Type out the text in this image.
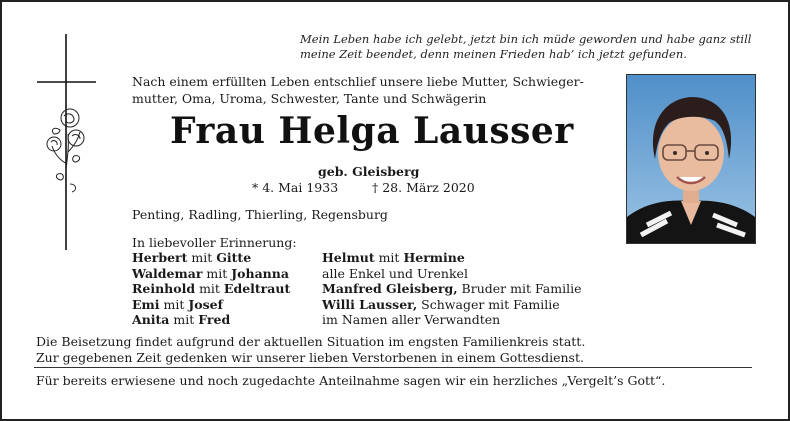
Mein Leben habe ich gelebt, jetzt bin ich müde geworden und habe ganz still
meine Zeit beendet, denn meinen Frieden hab’ ich jetzt gefunden.
Nach einem erfüllten Leben entschlief unsere liebe Mutter, Schwieger-
mutter, Oma, Uroma, Schwester, Tante und Schwägerin
Frau Helga Lausser
geb. Gleisberg
* 4. Mai 1933	† 28. März 2020
Penting, Radling, Thierling, Regensburg
In liebevoller Erinnerung:
Herbert mit Gitte
Waldemar mit Johanna
Reinhold mit Edeltraut
Emi mit Josef
Anita mit Fred
Helmut mit Hermine
alle Enkel und Urenkel
Manfred Gleisberg, Bruder mit Familie
Willi Lausser, Schwager mit Familie
im Namen aller Verwandten
Die Beisetzung findet aufgrund der aktuellen Situation im engsten Familienkreis statt.
Zur gegebenen Zeit gedenken wir unserer lieben Verstorbenen in einem Gottesdienst.
Für bereits erwiesene und noch zugedachte Anteilnahme sagen wir ein herzliches „Vergelt’s Gott“.
